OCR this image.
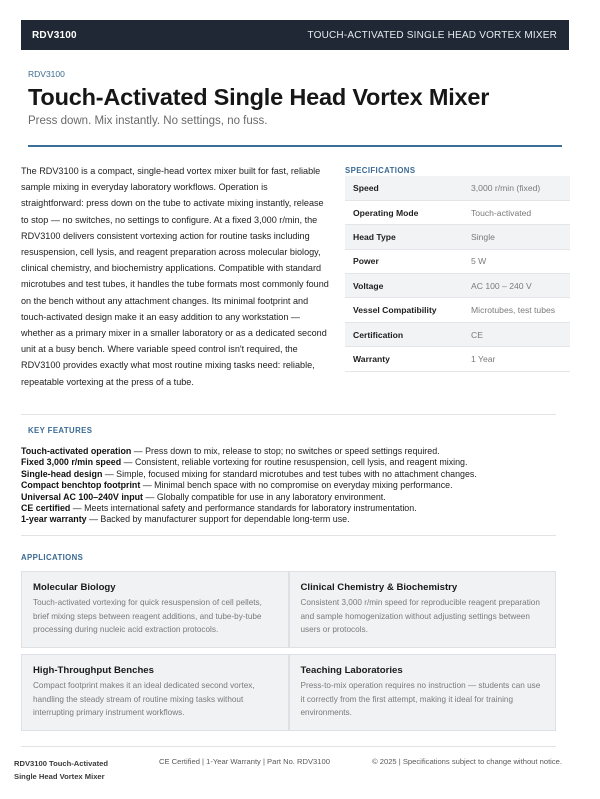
RDV3100	TOUCH-ACTIVATED SINGLE HEAD VORTEX MIXER
RDV3100
Touch-Activated Single Head Vortex Mixer
Press down. Mix instantly. No settings, no fuss.

The RDV3100 is a compact, single-head vortex mixer built for fast, reliable sample mixing in everyday laboratory workflows. Operation is straightforward: press down on the tube to activate mixing instantly, release to stop — no switches, no settings to configure. At a fixed 3,000 r/min, the RDV3100 delivers consistent vortexing action for routine tasks including resuspension, cell lysis, and reagent preparation across molecular biology, clinical chemistry, and biochemistry applications. Compatible with standard microtubes and test tubes, it handles the tube formats most commonly found on the bench without any attachment changes. Its minimal footprint and touch-activated design make it an easy addition to any workstation — whether as a primary mixer in a smaller laboratory or as a dedicated second unit at a busy bench. Where variable speed control isn't required, the RDV3100 provides exactly what most routine mixing tasks need: reliable, repeatable vortexing at the press of a tube.

SPECIFICATIONS
Speed	3,000 r/min (fixed)
Operating Mode	Touch-activated
Head Type	Single
Power	5 W
Voltage	AC 100 – 240 V
Vessel Compatibility	Microtubes, test tubes
Certification	CE
Warranty	1 Year
KEY FEATURES
Touch-activated operation — Press down to mix, release to stop; no switches or speed settings required.
Fixed 3,000 r/min speed — Consistent, reliable vortexing for routine resuspension, cell lysis, and reagent mixing.
Single-head design — Simple, focused mixing for standard microtubes and test tubes with no attachment changes.
Compact benchtop footprint — Minimal bench space with no compromise on everyday mixing performance.
Universal AC 100–240V input — Globally compatible for use in any laboratory environment.
CE certified — Meets international safety and performance standards for laboratory instrumentation.
1-year warranty — Backed by manufacturer support for dependable long-term use.
APPLICATIONS
Molecular Biology

Touch-activated vortexing for quick resuspension of cell pellets, brief mixing steps between reagent additions, and tube-by-tube processing during nucleic acid extraction protocols.

Clinical Chemistry & Biochemistry

Consistent 3,000 r/min speed for reproducible reagent preparation and sample homogenization without adjusting settings between users or protocols.

High-Throughput Benches

Compact footprint makes it an ideal dedicated second vortex, handling the steady stream of routine mixing tasks without interrupting primary instrument workflows.

Teaching Laboratories

Press-to-mix operation requires no instruction — students can use it correctly from the first attempt, making it ideal for training environments.

RDV3100 Touch-Activated Single Head Vortex Mixer
CE Certified | 1-Year Warranty | Part No. RDV3100	© 2025 | Specifications subject to change without notice.
